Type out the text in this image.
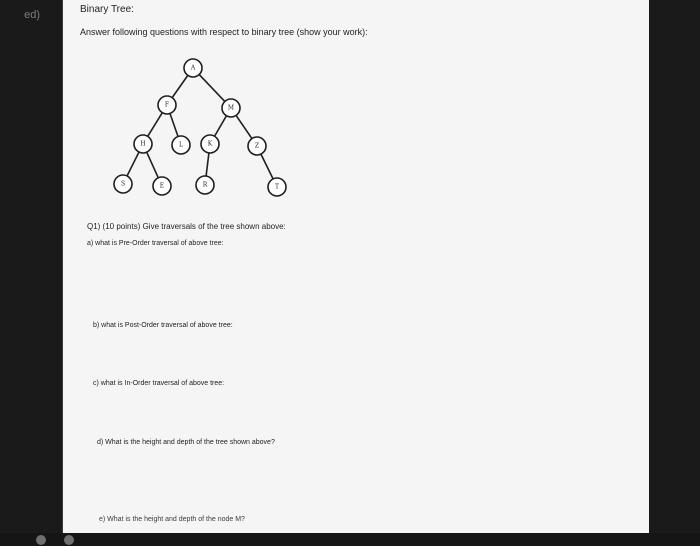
ed)	Binary Tree:
Answer following questions with respect to binary tree (show your work):
A
F	M
H	L	K	Z
S	E	R	T
Q1) (10 points) Give traversals of the tree shown above:
a) what is Pre-Order traversal of above tree:
b) what is Post-Order traversal of above tree:
c) what is In-Order traversal of above tree:
d) What is the height and depth of the tree shown above?
e) What is the height and depth of the node M?
